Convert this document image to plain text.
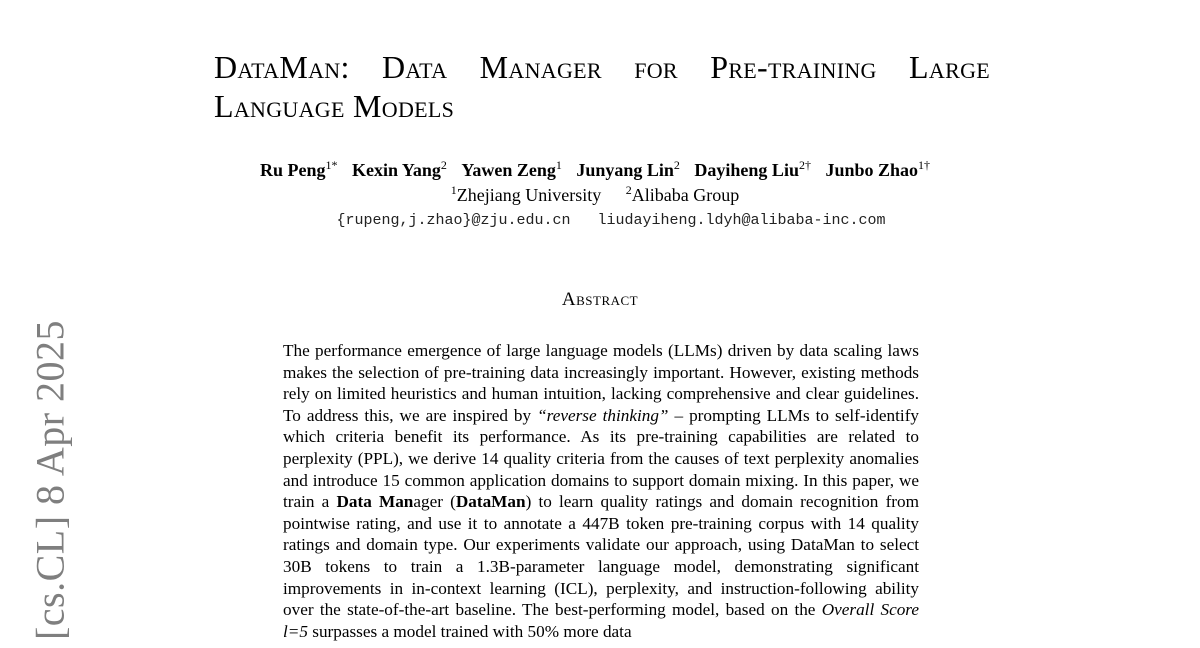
[cs.CL] 8 Apr 2025
DataMan: Data Manager for Pre-training Large Language Models
Ru Peng$^{1*}$ Kexin Yang$^2$ Yawen Zeng$^1$ Junyang Lin$^2$ Dayiheng Liu$^{2\dagger}$ Junbo Zhao$^{1\dagger}$
$^1$Zhejiang University $^2$Alibaba Group
{rupeng,j.zhao}@zju.edu.cn   liudayiheng.ldyh@alibaba-inc.com
Abstract

The performance emergence of large language models (LLMs) driven by data scaling laws makes the selection of pre-training data increasingly important. However, existing methods rely on limited heuristics and human intuition, lacking comprehensive and clear guidelines. To address this, we are inspired by “reverse thinking” – prompting LLMs to self-identify which criteria benefit its performance. As its pre-training capabilities are related to perplexity (PPL), we derive 14 quality criteria from the causes of text perplexity anomalies and introduce 15 common application domains to support domain mixing. In this paper, we train a Data Manager (DataMan) to learn quality ratings and domain recognition from pointwise rating, and use it to annotate a 447B token pre-training corpus with 14 quality ratings and domain type. Our experiments validate our approach, using DataMan to select 30B tokens to train a 1.3B-parameter language model, demonstrating significant improvements in in-context learning (ICL), perplexity, and instruction-following ability over the state-of-the-art baseline. The best-performing model, based on the Overall Score l=5 surpasses a model trained with 50% more data
